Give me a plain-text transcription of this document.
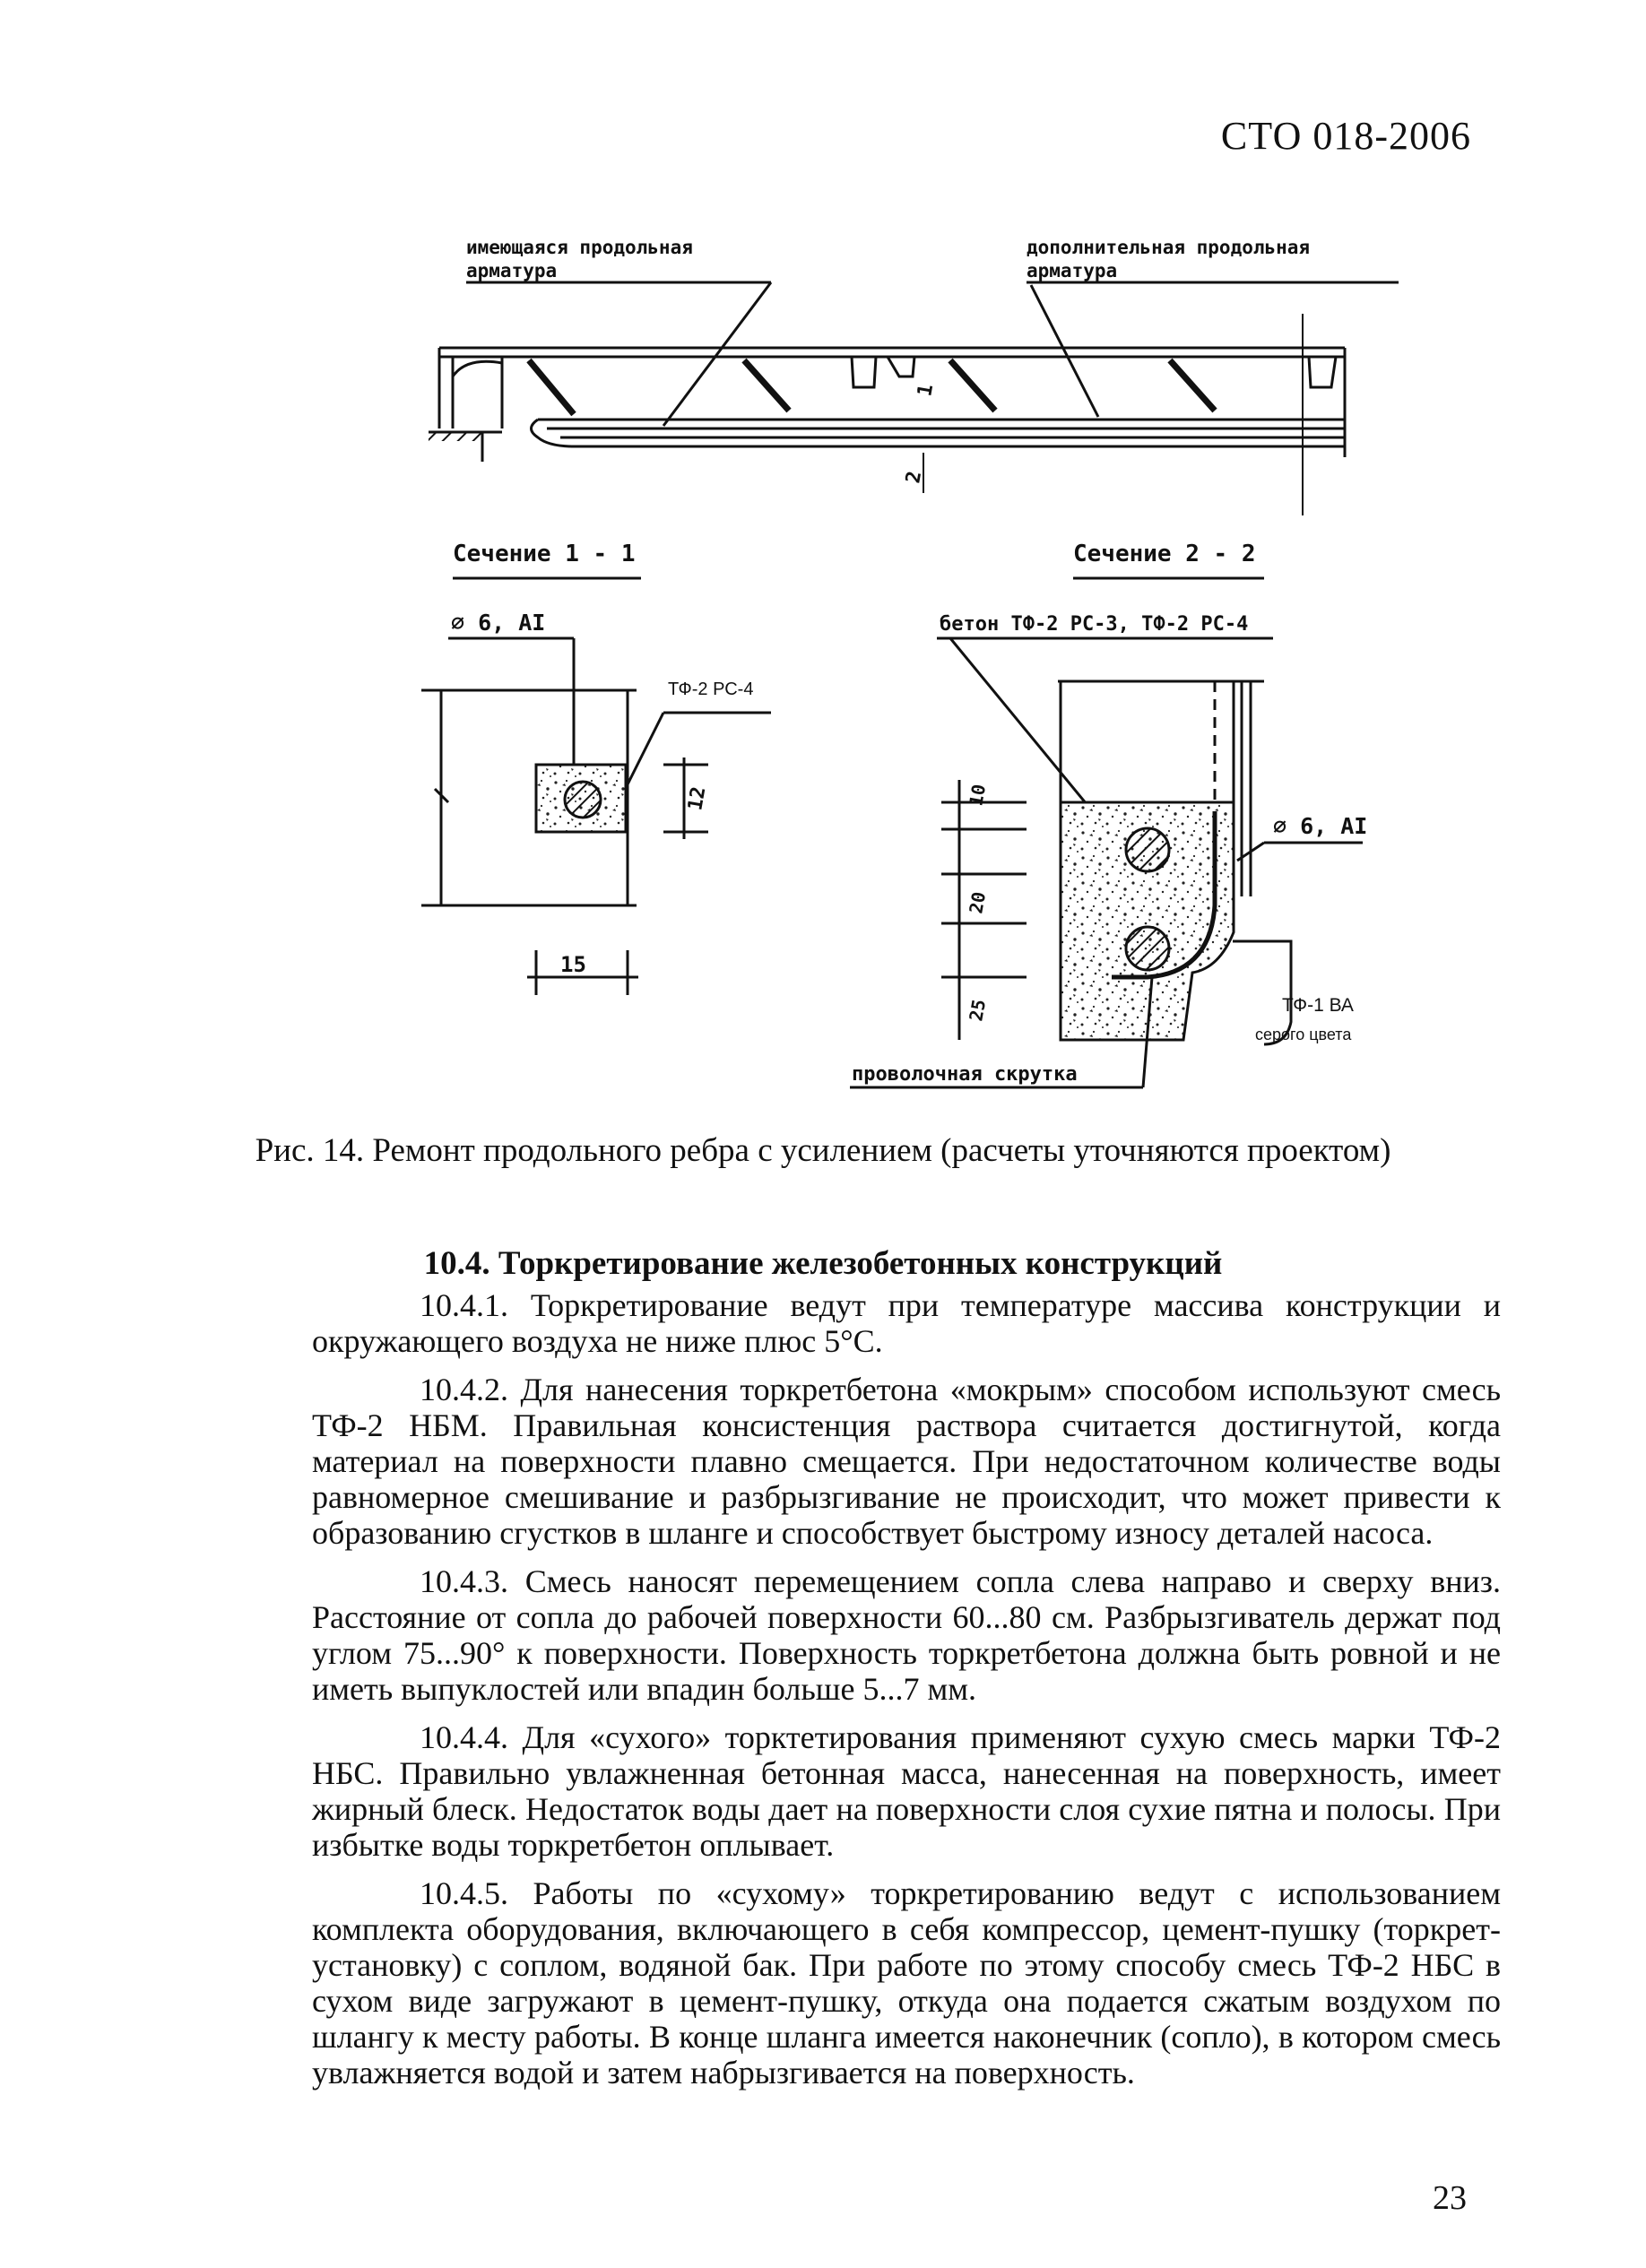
СТО 018-2006
имеющаяся продольная
арматура
дополнительная продольная
арматура
1
2
Сечение 1 - 1
∅ 6, AI
ТФ-2 РС-4
12
15
Сечение 2 - 2
бетон ТФ-2 РС-3, ТФ-2 РС-4
∅ 6, AI
ТФ-1 ВА
серого цвета
проволочная скрутка
10
20
25
Рис. 14. Ремонт продольного ребра с усилением (расчеты уточняются проектом)
10.4. Торкретирование железобетонных конструкций

10.4.1. Торкретирование ведут при температуре массива конструкции и окружающего воздуха не ниже плюс 5°С.

10.4.2. Для нанесения торкретбетона «мокрым» способом используют смесь ТФ-2 НБМ. Правильная консистенция раствора считается достигнутой, когда материал на поверхности плавно смещается. При недостаточном количестве воды равномерное смешивание и разбрызгивание не происходит, что может привести к образованию сгустков в шланге и способствует быстрому износу деталей насоса.

10.4.3. Смесь наносят перемещением сопла слева направо и сверху вниз. Расстояние от сопла до рабочей поверхности 60...80 см. Разбрызгиватель держат под углом 75...90° к поверхности. Поверхность торкретбетона должна быть ровной и не иметь выпуклостей или впадин больше 5...7 мм.

10.4.4. Для «сухого» торктетирования применяют сухую смесь марки ТФ-2 НБС. Правильно увлажненная бетонная масса, нанесенная на поверхность, имеет жирный блеск. Недостаток воды дает на поверхности слоя сухие пятна и полосы. При избытке воды торкретбетон оплывает.

10.4.5. Работы по «сухому» торкретированию ведут с использованием комплекта оборудования, включающего в себя компрессор, цемент-пушку (торкрет-установку) с соплом, водяной бак. При работе по этому способу смесь ТФ-2 НБС в сухом виде загружают в цемент-пушку, откуда она подается сжатым воздухом по шлангу к месту работы. В конце шланга имеется наконечник (сопло), в котором смесь увлажняется водой и затем набрызгивается на поверхность.

23
